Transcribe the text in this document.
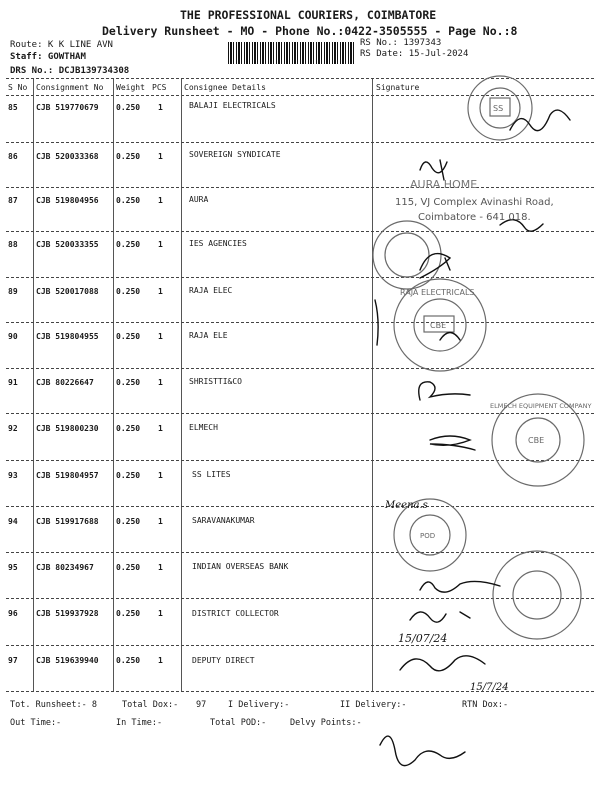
THE PROFESSIONAL COURIERS, COIMBATORE
Delivery Runsheet - MO - Phone No.:0422-3505555 - Page No.:8
Route: K K LINE AVN
Staff: GOWTHAM
DRS No.: DCJB139734308
RS No.: 1397343
RS Date: 15-Jul-2024
S No Consignment No Weight PCS Consignee Details	Signature
85 CJB 519770679 0.250 1	BALAJI ELECTRICALS
86 CJB 520033368 0.250 1	SOVEREIGN SYNDICATE
87 CJB 519804956 0.250 1	AURA
88 CJB 520033355 0.250 1	IES AGENCIES
89 CJB 520017088 0.250 1	RAJA ELEC
90 CJB 519804955 0.250 1	RAJA ELE
91 CJB 80226647	0.250 1	SHRISTTI&CO
92 CJB 519800230 0.250 1	ELMECH
93 CJB 519804957 0.250 1	SS LITES
94 CJB 519917688 0.250 1	SARAVANAKUMAR
95 CJB 80234967	0.250 1	INDIAN OVERSEAS BANK
96 CJB 519937928 0.250 1	DISTRICT COLLECTOR
97 CJB 519639940 0.250 1	DEPUTY DIRECT
AURA HOME
115, VJ Complex Avinashi Road,
Coimbatore - 641 018.
RAJA ELECTRICALS
CBE
ELMECH EQUIPMENT COMPANY
CBE
SS
POD
Meena.s
15/07/24
15/7/24
Tot. Runsheet:- 8	Total Dox:- 97	I Delivery:-	II Delivery:-	RTN Dox:-
Out Time:-	In Time:-	Total POD:-	Delvy Points:-
